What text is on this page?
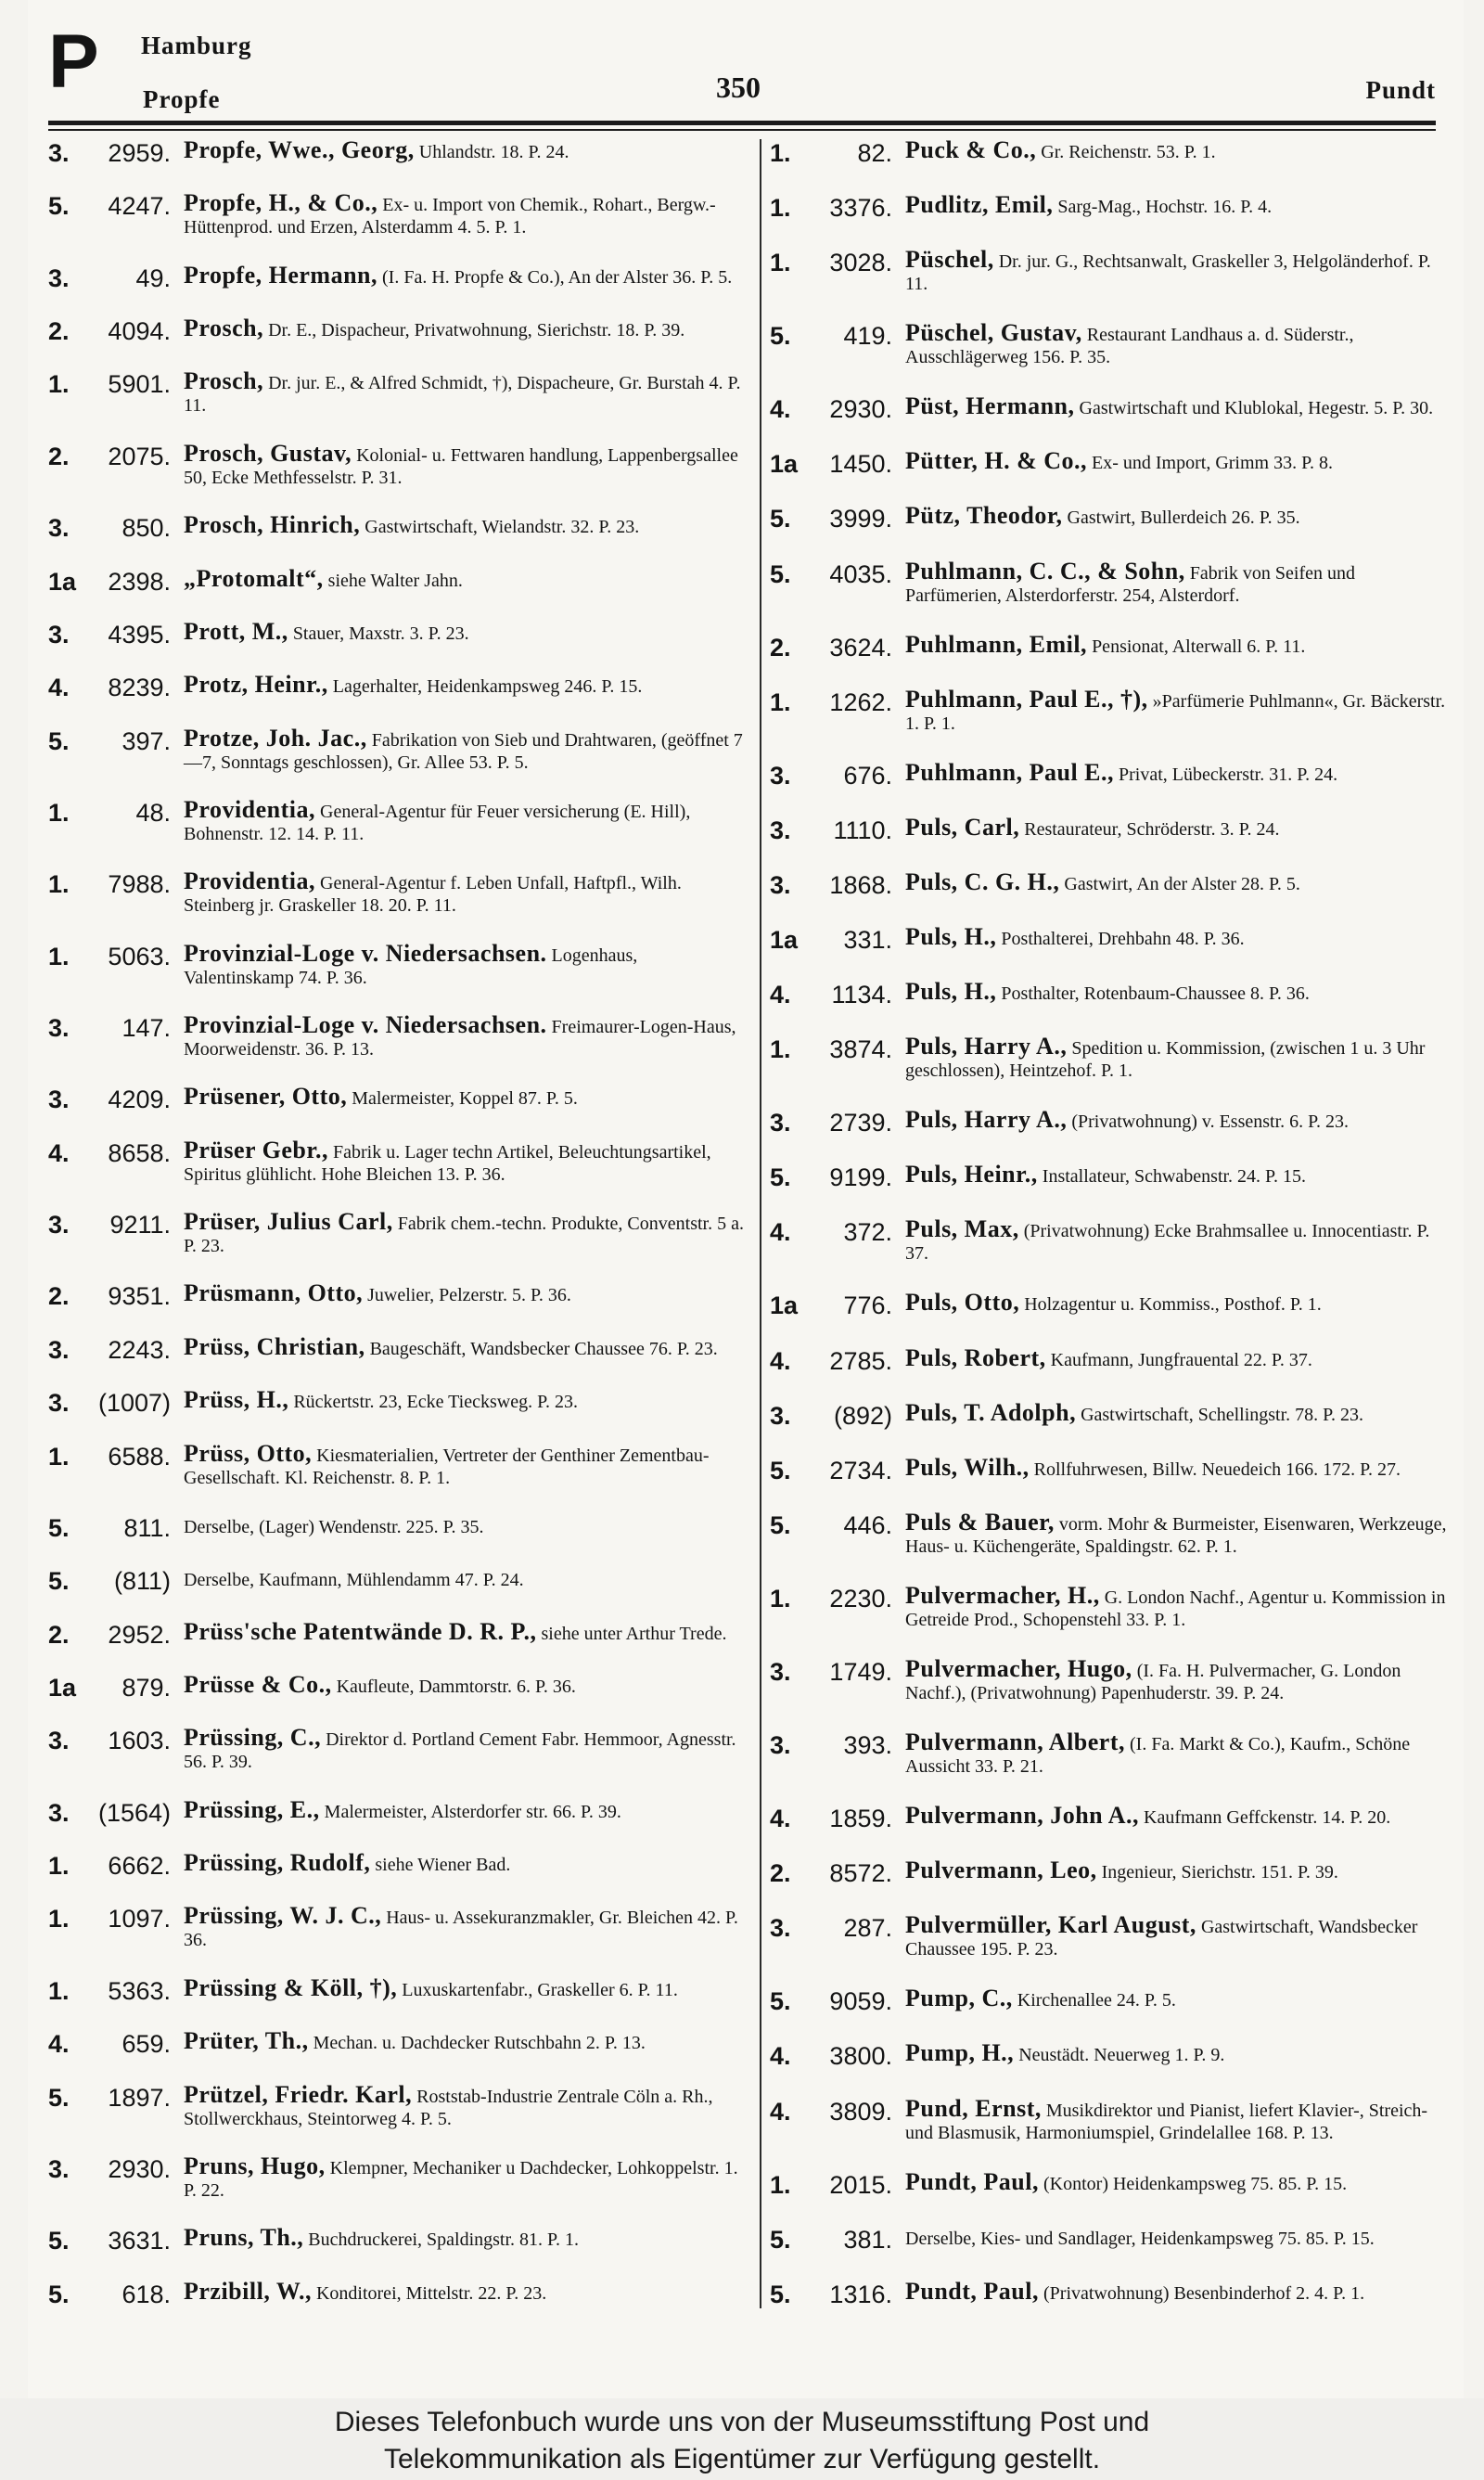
P Hamburg
Propfe	350	Pundt
3.	2959. Propfe, Wwe., Georg, Uhlandstr. 18. P. 24.
5.	4247. Propfe, H., & Co., Ex- u. Import von Chemik., Rohart., Bergw.-Hüttenprod. und Erzen, Alsterdamm 4. 5. P. 1.
3.	49. Propfe, Hermann, (I. Fa. H. Propfe & Co.), An der Alster 36. P. 5.
2.	4094. Prosch, Dr. E., Dispacheur, Privatwohnung, Sierichstr. 18. P. 39.
1.	5901. Prosch, Dr. jur. E., & Alfred Schmidt, †), Dispacheure, Gr. Burstah 4. P. 11.
2.	2075. Prosch, Gustav, Kolonial- u. Fettwaren handlung, Lappenbergsallee 50, Ecke Methfesselstr. P. 31.
3.	850. Prosch, Hinrich, Gastwirtschaft, Wielandstr. 32. P. 23.
1a	2398. „Protomalt“, siehe Walter Jahn.
3.	4395. Prott, M., Stauer, Maxstr. 3. P. 23.
4.	8239. Protz, Heinr., Lagerhalter, Heidenkampsweg 246. P. 15.
5.	397. Protze, Joh. Jac., Fabrikation von Sieb und Drahtwaren, (geöffnet 7—7, Sonntags geschlossen), Gr. Allee 53. P. 5.
1.	48. Providentia, General-Agentur für Feuer versicherung (E. Hill), Bohnenstr. 12. 14. P. 11.
1.	7988. Providentia, General-Agentur f. Leben Unfall, Haftpfl., Wilh. Steinberg jr. Graskeller 18. 20. P. 11.
1.	5063. Provinzial-Loge v. Niedersachsen. Logenhaus, Valentinskamp 74. P. 36.
3.	147. Provinzial-Loge v. Niedersachsen. Freimaurer-Logen-Haus, Moorweidenstr. 36. P. 13.
3.	4209. Prüsener, Otto, Malermeister, Koppel 87. P. 5.
4.	8658. Prüser Gebr., Fabrik u. Lager techn Artikel, Beleuchtungsartikel, Spiritus glühlicht. Hohe Bleichen 13. P. 36.
3.	9211. Prüser, Julius Carl, Fabrik chem.-techn. Produkte, Conventstr. 5 a. P. 23.
2.	9351. Prüsmann, Otto, Juwelier, Pelzerstr. 5. P. 36.
3.	2243. Prüss, Christian, Baugeschäft, Wandsbecker Chaussee 76. P. 23.
3.	(1007) Prüss, H., Rückertstr. 23, Ecke Tiecksweg. P. 23.
1.	6588. Prüss, Otto, Kiesmaterialien, Vertreter der Genthiner Zementbau-Gesellschaft. Kl. Reichenstr. 8. P. 1.
5.	811. Derselbe, (Lager) Wendenstr. 225. P. 35.
5.	(811) Derselbe, Kaufmann, Mühlendamm 47. P. 24.
2.	2952. Prüss'sche Patentwände D. R. P., siehe unter Arthur Trede.
1a	879. Prüsse & Co., Kaufleute, Dammtorstr. 6. P. 36.
3.	1603. Prüssing, C., Direktor d. Portland Cement Fabr. Hemmoor, Agnesstr. 56. P. 39.
3.	(1564) Prüssing, E., Malermeister, Alsterdorfer str. 66. P. 39.
1.	6662. Prüssing, Rudolf, siehe Wiener Bad.
1.	1097. Prüssing, W. J. C., Haus- u. Assekuranzmakler, Gr. Bleichen 42. P. 36.
1.	5363. Prüssing & Köll, †), Luxuskartenfabr., Graskeller 6. P. 11.
4.	659. Prüter, Th., Mechan. u. Dachdecker Rutschbahn 2. P. 13.
5.	1897. Prützel, Friedr. Karl, Roststab-Industrie Zentrale Cöln a. Rh., Stollwerckhaus, Steintorweg 4. P. 5.
3.	2930. Pruns, Hugo, Klempner, Mechaniker u Dachdecker, Lohkoppelstr. 1. P. 22.
5.	3631. Pruns, Th., Buchdruckerei, Spaldingstr. 81. P. 1.
5.	618. Przibill, W., Konditorei, Mittelstr. 22. P. 23.
1.	82. Puck & Co., Gr. Reichenstr. 53. P. 1.
1.	3376. Pudlitz, Emil, Sarg-Mag., Hochstr. 16. P. 4.
1.	3028. Püschel, Dr. jur. G., Rechtsanwalt, Graskeller 3, Helgoländerhof. P. 11.
5.	419. Püschel, Gustav, Restaurant Landhaus a. d. Süderstr., Ausschlägerweg 156. P. 35.
4.	2930. Püst, Hermann, Gastwirtschaft und Klublokal, Hegestr. 5. P. 30.
1a	1450. Pütter, H. & Co., Ex- und Import, Grimm 33. P. 8.
5.	3999. Pütz, Theodor, Gastwirt, Bullerdeich 26. P. 35.
5.	4035. Puhlmann, C. C., & Sohn, Fabrik von Seifen und Parfümerien, Alsterdorferstr. 254, Alsterdorf.
2.	3624. Puhlmann, Emil, Pensionat, Alterwall 6. P. 11.
1.	1262. Puhlmann, Paul E., †), »Parfümerie Puhlmann«, Gr. Bäckerstr. 1. P. 1.
3.	676. Puhlmann, Paul E., Privat, Lübeckerstr. 31. P. 24.
3.	1110. Puls, Carl, Restaurateur, Schröderstr. 3. P. 24.
3.	1868. Puls, C. G. H., Gastwirt, An der Alster 28. P. 5.
1a	331. Puls, H., Posthalterei, Drehbahn 48. P. 36.
4.	1134. Puls, H., Posthalter, Rotenbaum-Chaussee 8. P. 36.
1.	3874. Puls, Harry A., Spedition u. Kommission, (zwischen 1 u. 3 Uhr geschlossen), Heintzehof. P. 1.
3.	2739. Puls, Harry A., (Privatwohnung) v. Essenstr. 6. P. 23.
5.	9199. Puls, Heinr., Installateur, Schwabenstr. 24. P. 15.
4.	372. Puls, Max, (Privatwohnung) Ecke Brahmsallee u. Innocentiastr. P. 37.
1a	776. Puls, Otto, Holzagentur u. Kommiss., Posthof. P. 1.
4.	2785. Puls, Robert, Kaufmann, Jungfrauental 22. P. 37.
3.	(892) Puls, T. Adolph, Gastwirtschaft, Schellingstr. 78. P. 23.
5.	2734. Puls, Wilh., Rollfuhrwesen, Billw. Neuedeich 166. 172. P. 27.
5.	446. Puls & Bauer, vorm. Mohr & Burmeister, Eisenwaren, Werkzeuge, Haus- u. Küchengeräte, Spaldingstr. 62. P. 1.
1.	2230. Pulvermacher, H., G. London Nachf., Agentur u. Kommission in Getreide Prod., Schopenstehl 33. P. 1.
3.	1749. Pulvermacher, Hugo, (I. Fa. H. Pulvermacher, G. London Nachf.), (Privatwohnung) Papenhuderstr. 39. P. 24.
3.	393. Pulvermann, Albert, (I. Fa. Markt & Co.), Kaufm., Schöne Aussicht 33. P. 21.
4.	1859. Pulvermann, John A., Kaufmann Geffckenstr. 14. P. 20.
2.	8572. Pulvermann, Leo, Ingenieur, Sierichstr. 151. P. 39.
3.	287. Pulvermüller, Karl August, Gastwirtschaft, Wandsbecker Chaussee 195. P. 23.
5.	9059. Pump, C., Kirchenallee 24. P. 5.
4.	3800. Pump, H., Neustädt. Neuerweg 1. P. 9.
4.	3809. Pund, Ernst, Musikdirektor und Pianist, liefert Klavier-, Streich- und Blasmusik, Harmoniumspiel, Grindelallee 168. P. 13.
1.	2015. Pundt, Paul, (Kontor) Heidenkampsweg 75. 85. P. 15.
5.	381. Derselbe, Kies- und Sandlager, Heidenkampsweg 75. 85. P. 15.
5.	1316. Pundt, Paul, (Privatwohnung) Besenbinderhof 2. 4. P. 1.
Dieses Telefonbuch wurde uns von der Museumsstiftung Post und
Telekommunikation als Eigentümer zur Verfügung gestellt.
